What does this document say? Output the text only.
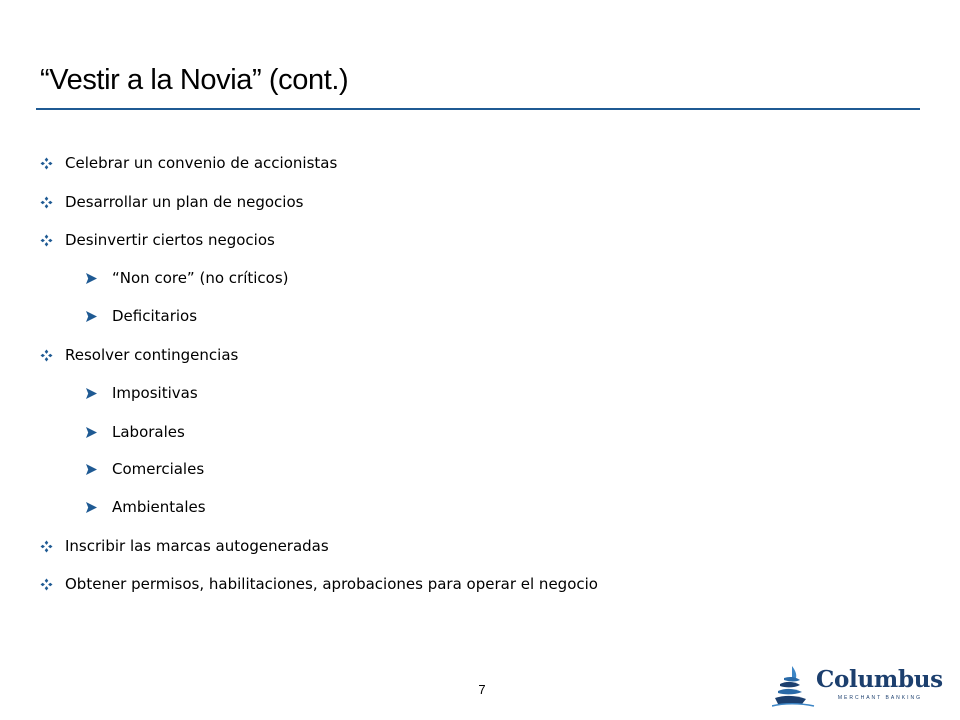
“Vestir a la Novia” (cont.)
Celebrar un convenio de accionistas
Desarrollar un plan de negocios
Desinvertir ciertos negocios
“Non core” (no críticos)
Deficitarios
Resolver contingencias
Impositivas
Laborales
Comerciales
Ambientales
Inscribir las marcas autogeneradas
Obtener permisos, habilitaciones, aprobaciones para operar el negocio
7	Columbus
MERCHANT BANKING
